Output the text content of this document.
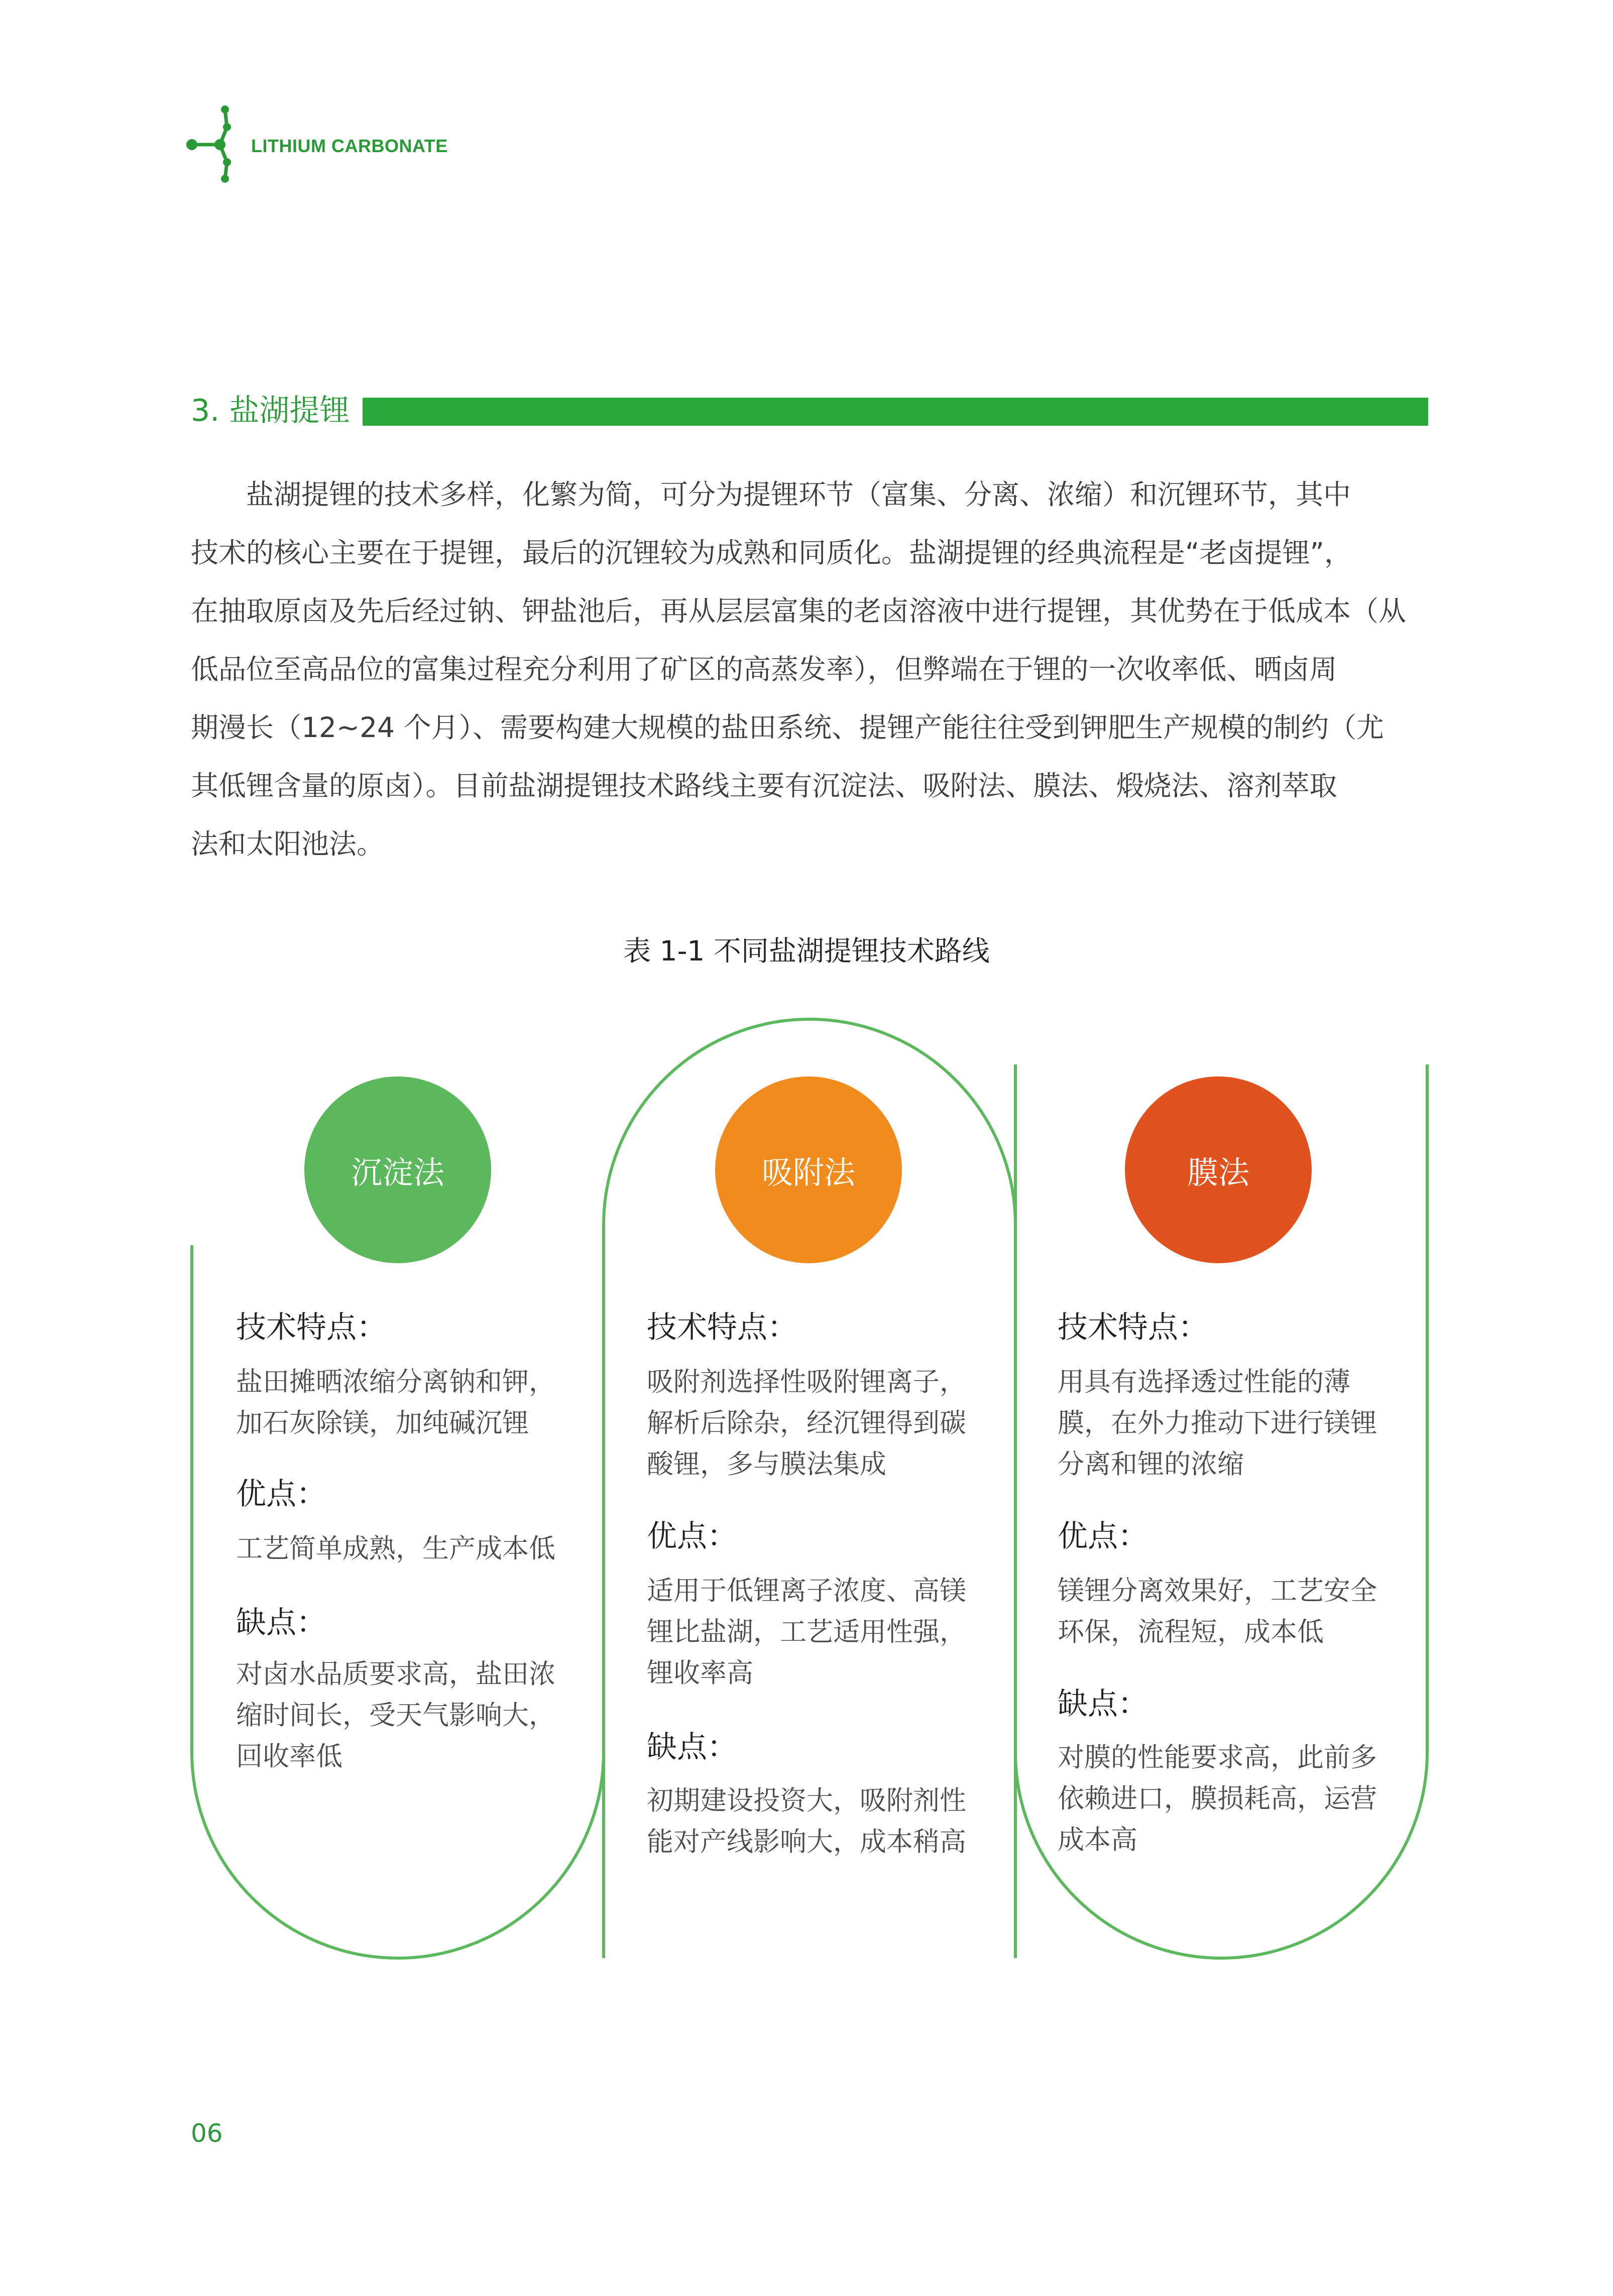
LITHIUM CARBONATE
3. 盐湖提锂
盐湖提锂的技术多样，化繁为简，可分为提锂环节（富集、分离、浓缩）和沉锂环节，其中
技术的核心主要在于提锂，最后的沉锂较为成熟和同质化。盐湖提锂的经典流程是“老卤提锂”，
在抽取原卤及先后经过钠、钾盐池后，再从层层富集的老卤溶液中进行提锂，其优势在于低成本（从
低品位至高品位的富集过程充分利用了矿区的高蒸发率），但弊端在于锂的一次收率低、晒卤周
期漫长（12~24 个月）、需要构建大规模的盐田系统、提锂产能往往受到钾肥生产规模的制约（尤
其低锂含量的原卤）。目前盐湖提锂技术路线主要有沉淀法、吸附法、膜法、煅烧法、溶剂萃取
法和太阳池法。
表 1-1 不同盐湖提锂技术路线
沉淀法
技术特点：
盐田摊晒浓缩分离钠和钾，
加石灰除镁，加纯碱沉锂
优点：
工艺简单成熟，生产成本低
缺点：
对卤水品质要求高，盐田浓
缩时间长，受天气影响大，
回收率低
吸附法
技术特点：
吸附剂选择性吸附锂离子，
解析后除杂，经沉锂得到碳
酸锂，多与膜法集成
优点：
适用于低锂离子浓度、高镁
锂比盐湖，工艺适用性强，
锂收率高
缺点：
初期建设投资大，吸附剂性
能对产线影响大，成本稍高
膜法
技术特点：
用具有选择透过性能的薄
膜，在外力推动下进行镁锂
分离和锂的浓缩
优点：
镁锂分离效果好，工艺安全
环保，流程短，成本低
缺点：
对膜的性能要求高，此前多
依赖进口，膜损耗高，运营
成本高
06
